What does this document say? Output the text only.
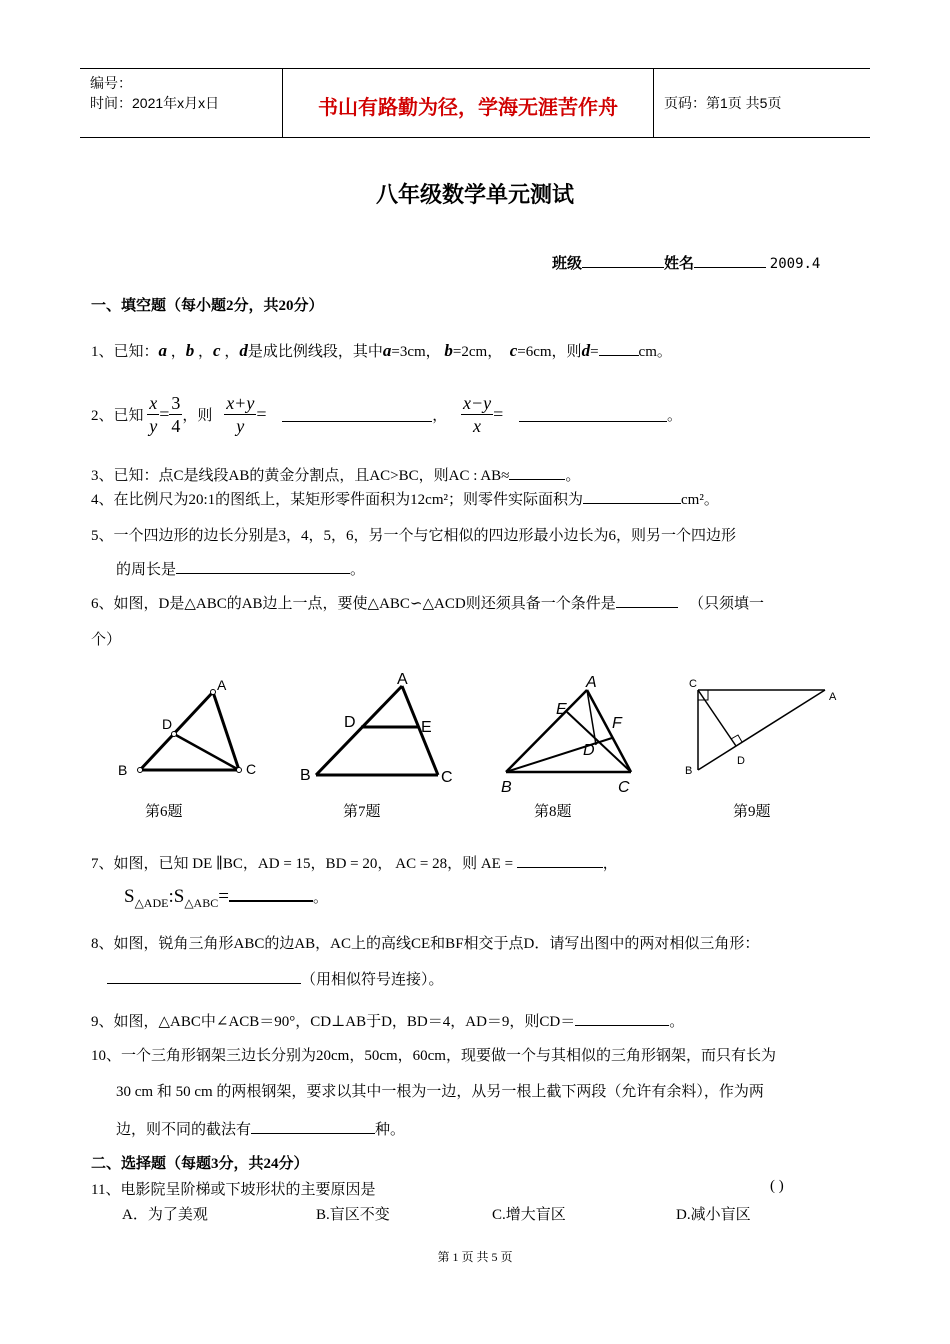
编号：
时间：2021年x月x日	书山有路勤为径，学海无涯苦作舟	页码：第1页 共5页
八年级数学单元测试
班级	姓名	2009.4
一、填空题（每小题2分，共20分）
1、已知：a ，b ，c ，d是成比例线段，其中a=3cm， b=2cm， c=6cm，则d=	cm。
2、已知 $\frac{x}{y} = \frac{3}{4}$ ，则 $\frac{x+y}{y}$ =	， $\frac{x-y}{x}$ =	。
3、已知：点C是线段AB的黄金分割点，且AC>BC，则AC : AB≈	。
4、在比例尺为20:1的图纸上，某矩形零件面积为12cm²；则零件实际面积为	cm²。
5、一个四边形的边长分别是3，4，5，6，另一个与它相似的四边形最小边长为6，则另一个四边形
的周长是	。
6、如图，D是△ABC的AB边上一点，要使△ABC∽△ACD则还须具备一个条件是	（只须填一
个）
A
D
B	C
A
D	E
B	C
A
E
F
D
B	C
C
A
D
B
第6题	第7题	第8题	第9题
7、如图，已知 DE ∥BC，AD = 15，BD = 20， AC = 28，则 AE =	，
$S_{\triangle ADE}:S_{\triangle ABC}=$	。
8、如图，锐角三角形ABC的边AB，AC上的高线CE和BF相交于点D．请写出图中的两对相似三角形：
（用相似符号连接）。
9、如图，△ABC中∠ACB＝90°，CD⊥AB于D，BD＝4，AD＝9，则CD＝	。
10、一个三角形钢架三边长分别为20cm，50cm，60cm，现要做一个与其相似的三角形钢架，而只有长为
30 cm 和 50 cm 的两根钢架，要求以其中一根为一边，从另一根上截下两段（允许有余料），作为两
边，则不同的截法有	种。
二、选择题（每题3分，共24分）
11、电影院呈阶梯或下坡形状的主要原因是	( )
A．为了美观	B.盲区不变	C.增大盲区	D.减小盲区
第 1 页 共 5 页
